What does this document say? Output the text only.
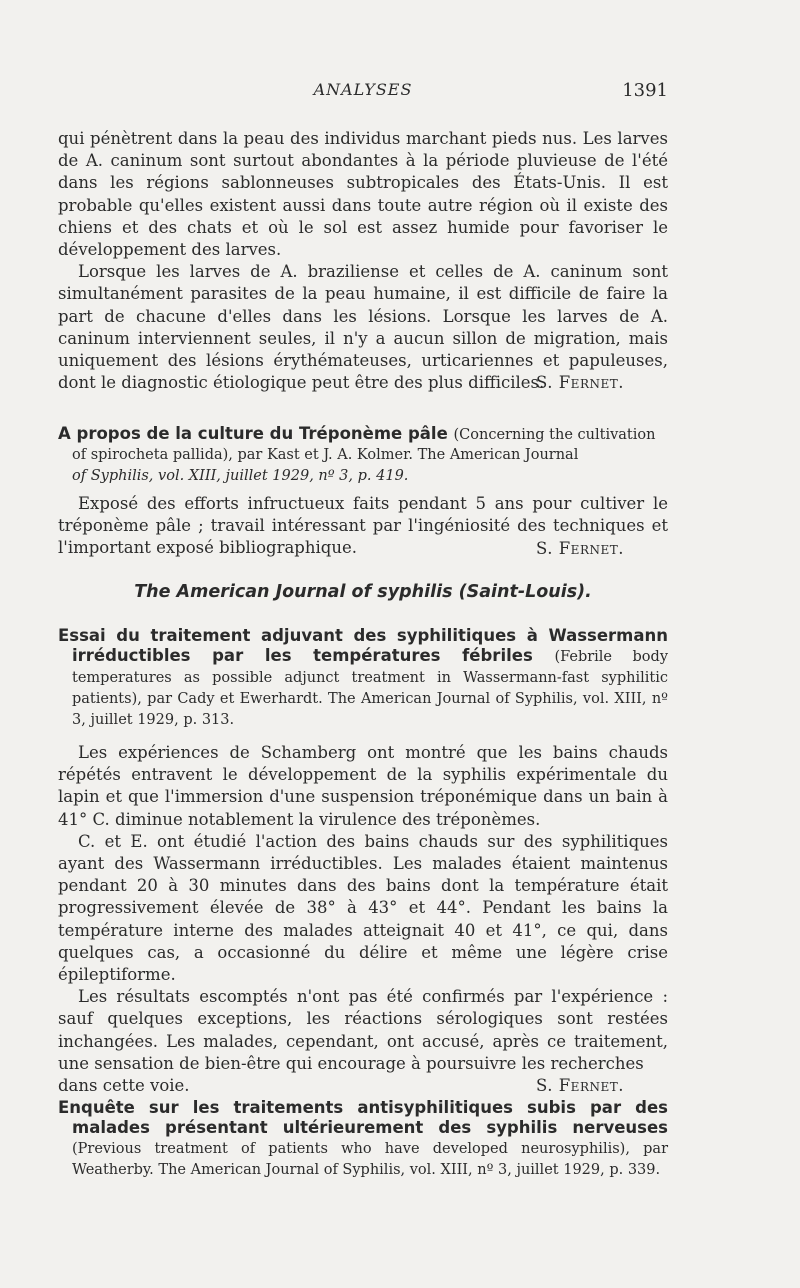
ANALYSES	1391

qui pénètrent dans la peau des individus marchant pieds nus. Les larves de A. caninum sont surtout abondantes à la période pluvieuse de l'été dans les régions sablonneuses subtropicales des États-Unis. Il est probable qu'elles existent aussi dans toute autre région où il existe des chiens et des chats et où le sol est assez humide pour favoriser le développement des larves.

Lorsque les larves de A. braziliense et celles de A. caninum sont simultanément parasites de la peau humaine, il est difficile de faire la part de chacune d'elles dans les lésions. Lorsque les larves de A. caninum interviennent seules, il n'y a aucun sillon de migration, mais uniquement des lésions érythémateuses, urticariennes et papuleuses, dont le diagnostic étiologique peut être des plus difficiles.

S. Fernet.
A propos de la culture du Tréponème pâle (Concerning the cultivation
of spirocheta pallida), par Kast et J. A. Kolmer. The American Journal
of Syphilis, vol. XIII, juillet 1929, nº 3, p. 419.

Exposé des efforts infructueux faits pendant 5 ans pour cultiver le tréponème pâle ; travail intéressant par l'ingéniosité des techniques et l'important exposé bibliographique.	S. Fernet.
The American Journal of syphilis (Saint-Louis).
Essai du traitement adjuvant des syphilitiques à Wassermann irréductibles par les températures fébriles (Febrile body temperatures as possible adjunct treatment in Wassermann-fast syphilitic patients), par Cady et Ewerhardt. The American Journal of Syphilis, vol. XIII, nº 3, juillet 1929, p. 313.

Les expériences de Schamberg ont montré que les bains chauds répétés entravent le développement de la syphilis expérimentale du lapin et que l'immersion d'une suspension tréponémique dans un bain à 41° C. diminue notablement la virulence des tréponèmes.

C. et E. ont étudié l'action des bains chauds sur des syphilitiques ayant des Wassermann irréductibles. Les malades étaient maintenus pendant 20 à 30 minutes dans des bains dont la température était progressivement élevée de 38° à 43° et 44°. Pendant les bains la température interne des malades atteignait 40 et 41°, ce qui, dans quelques cas, a occasionné du délire et même une légère crise épileptiforme.

Les résultats escomptés n'ont pas été confirmés par l'expérience : sauf quelques exceptions, les réactions sérologiques sont restées inchangées. Les malades, cependant, ont accusé, après ce traitement, une sensation de bien-être qui encourage à poursuivre les recherches

dans cette voie.	S. Fernet.
Enquête sur les traitements antisyphilitiques subis par des malades présentant ultérieurement des syphilis nerveuses (Previous treatment of patients who have developed neurosyphilis), par Weatherby. The American Journal of Syphilis, vol. XIII, nº 3, juillet 1929, p. 339.
